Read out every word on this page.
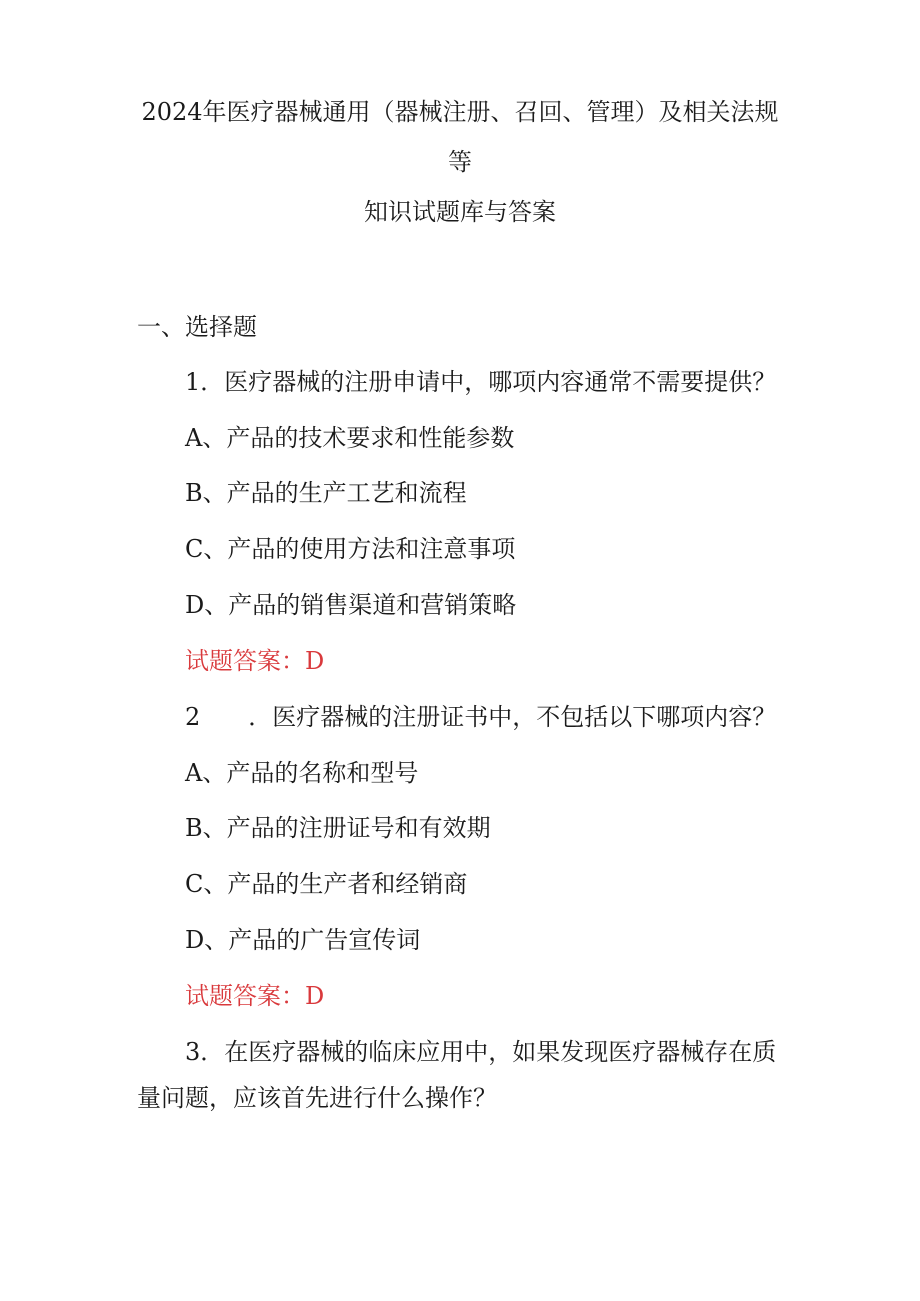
2024年医疗器械通用（器械注册、召回、管理）及相关法规
等
知识试题库与答案
一、选择题
1．医疗器械的注册申请中，哪项内容通常不需要提供？
A、产品的技术要求和性能参数
B、产品的生产工艺和流程
C、产品的使用方法和注意事项
D、产品的销售渠道和营销策略
试题答案：D
2　　．医疗器械的注册证书中，不包括以下哪项内容？
A、产品的名称和型号
B、产品的注册证号和有效期
C、产品的生产者和经销商
D、产品的广告宣传词
试题答案：D
3．在医疗器械的临床应用中，如果发现医疗器械存在质
量问题，应该首先进行什么操作？
